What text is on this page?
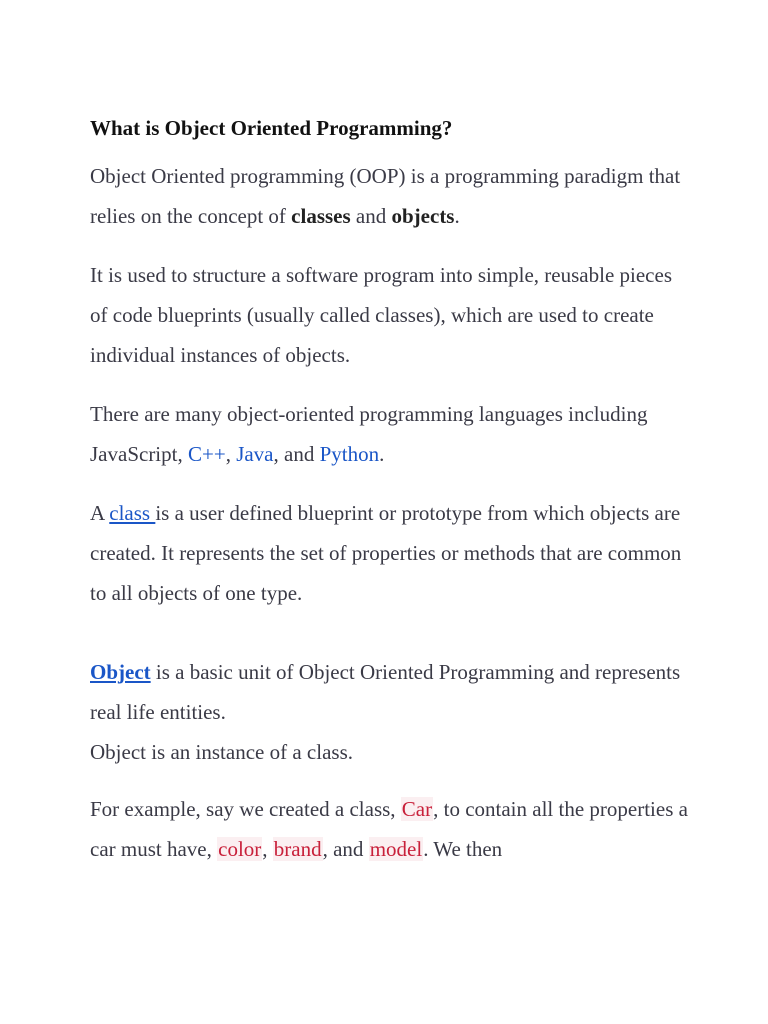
What is Object Oriented Programming?

Object Oriented programming (OOP) is a programming paradigm that relies on the concept of classes and objects.

It is used to structure a software program into simple, reusable pieces of code blueprints (usually called classes), which are used to create individual instances of objects.

There are many object-oriented programming languages including JavaScript, C++, Java, and Python.

A class is a user defined blueprint or prototype from which objects are created. It represents the set of properties or methods that are common to all objects of one type.

Object is a basic unit of Object Oriented Programming and represents real life entities.

Object is an instance of a class.

For example, say we created a class, Car, to contain all the properties a car must have, color, brand, and model. We then
